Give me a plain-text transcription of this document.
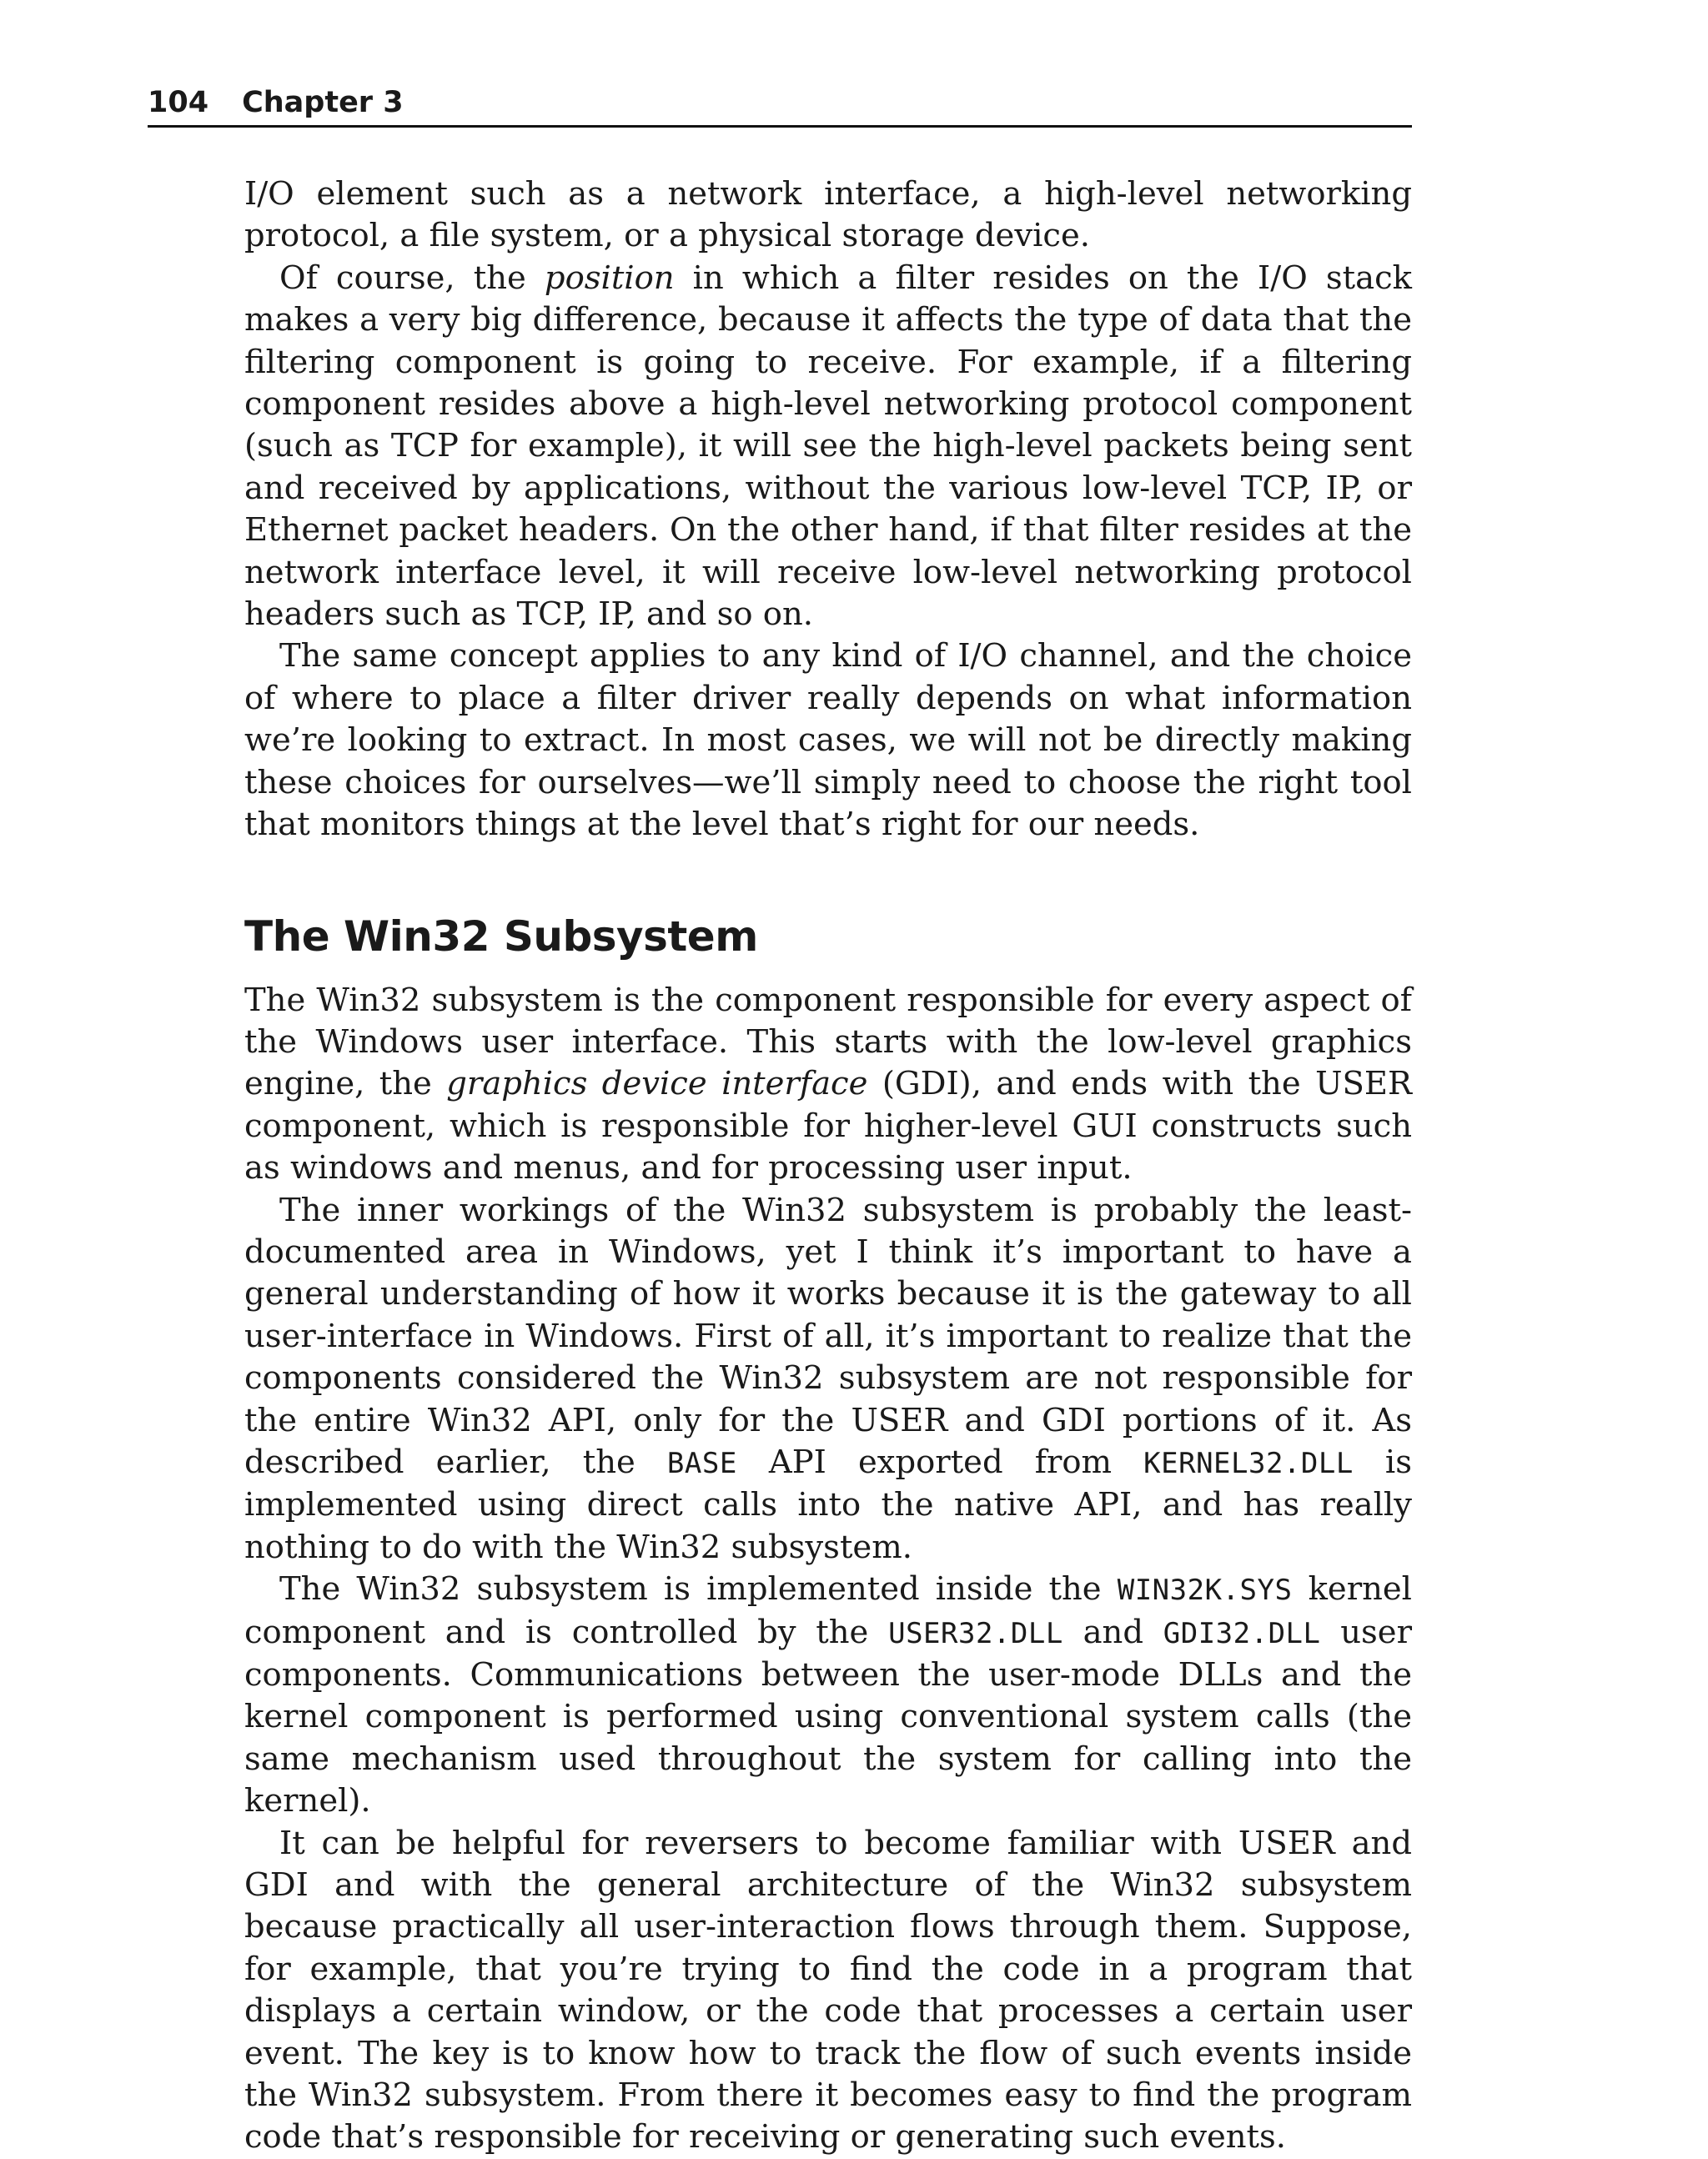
104 Chapter 3

I/O element such as a network interface, a high-level networking protocol, a file system, or a physical storage device.

Of course, the position in which a filter resides on the I/O stack makes a very big difference, because it affects the type of data that the filtering component is going to receive. For example, if a filtering component resides above a high-level networking protocol component (such as TCP for example), it will see the high-level packets being sent and received by applications, without the various low-level TCP, IP, or Ethernet packet headers. On the other hand, if that filter resides at the network interface level, it will receive low-level networking protocol headers such as TCP, IP, and so on.

The same concept applies to any kind of I/O channel, and the choice of where to place a filter driver really depends on what information we’re looking to extract. In most cases, we will not be directly making these choices for ourselves—we’ll simply need to choose the right tool that monitors things at the level that’s right for our needs.

The Win32 Subsystem

The Win32 subsystem is the component responsible for every aspect of the Windows user interface. This starts with the low-level graphics engine, the graphics device interface (GDI), and ends with the USER component, which is responsible for higher-level GUI constructs such as windows and menus, and for processing user input.

The inner workings of the Win32 subsystem is probably the least-documented area in Windows, yet I think it’s important to have a general understanding of how it works because it is the gateway to all user-interface in Windows. First of all, it’s important to realize that the components considered the Win32 subsystem are not responsible for the entire Win32 API, only for the USER and GDI portions of it. As described earlier, the BASE API exported from KERNEL32.DLL is implemented using direct calls into the native API, and has really nothing to do with the Win32 subsystem.

The Win32 subsystem is implemented inside the WIN32K.SYS kernel component and is controlled by the USER32.DLL and GDI32.DLL user components. Communications between the user-mode DLLs and the kernel component is performed using conventional system calls (the same mechanism used throughout the system for calling into the kernel).

It can be helpful for reversers to become familiar with USER and GDI and with the general architecture of the Win32 subsystem because practically all user-interaction flows through them. Suppose, for example, that you’re trying to find the code in a program that displays a certain window, or the code that processes a certain user event. The key is to know how to track the flow of such events inside the Win32 subsystem. From there it becomes easy to find the program code that’s responsible for receiving or generating such events.
